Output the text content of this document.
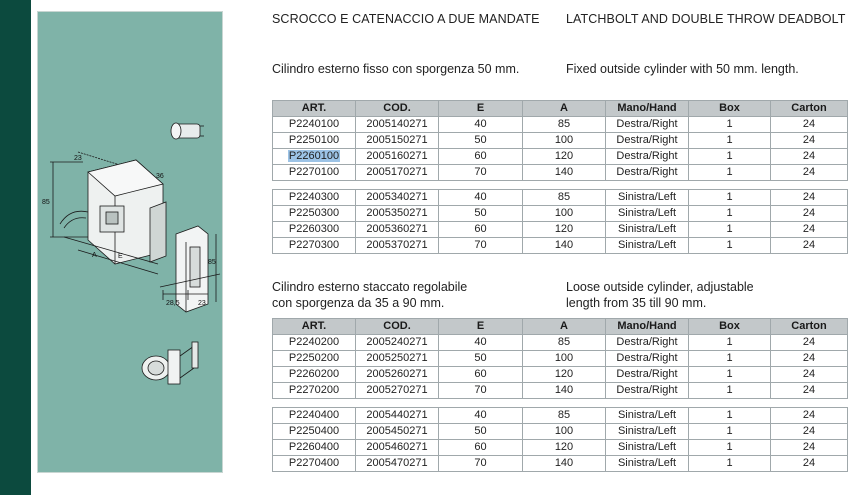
23
85
36
A	E
28,5	23
85
SCROCCO E CATENACCIO A DUE MANDATE LATCHBOLT AND DOUBLE THROW DEADBOLT
Cilindro esterno fisso con sporgenza 50 mm.	Fixed outside cylinder with 50 mm. length.
ART.	COD.	E	A	Mano/Hand	Box	Carton
P2240100	2005140271	40	85	Destra/Right	1	24
P2250100	2005150271	50	100	Destra/Right	1	24
P2260100	2005160271	60	120	Destra/Right	1	24
P2270100	2005170271	70	140	Destra/Right	1	24

P2240300	2005340271	40	85	Sinistra/Left	1	24
P2250300	2005350271	50	100	Sinistra/Left	1	24
P2260300	2005360271	60	120	Sinistra/Left	1	24
P2270300	2005370271	70	140	Sinistra/Left	1	24
Cilindro esterno staccato regolabile
con sporgenza da 35 a 90 mm.
Loose outside cylinder, adjustable
length from 35 till 90 mm.
ART.	COD.	E	A	Mano/Hand	Box	Carton
P2240200	2005240271	40	85	Destra/Right	1	24
P2250200	2005250271	50	100	Destra/Right	1	24
P2260200	2005260271	60	120	Destra/Right	1	24
P2270200	2005270271	70	140	Destra/Right	1	24

P2240400	2005440271	40	85	Sinistra/Left	1	24
P2250400	2005450271	50	100	Sinistra/Left	1	24
P2260400	2005460271	60	120	Sinistra/Left	1	24
P2270400	2005470271	70	140	Sinistra/Left	1	24
